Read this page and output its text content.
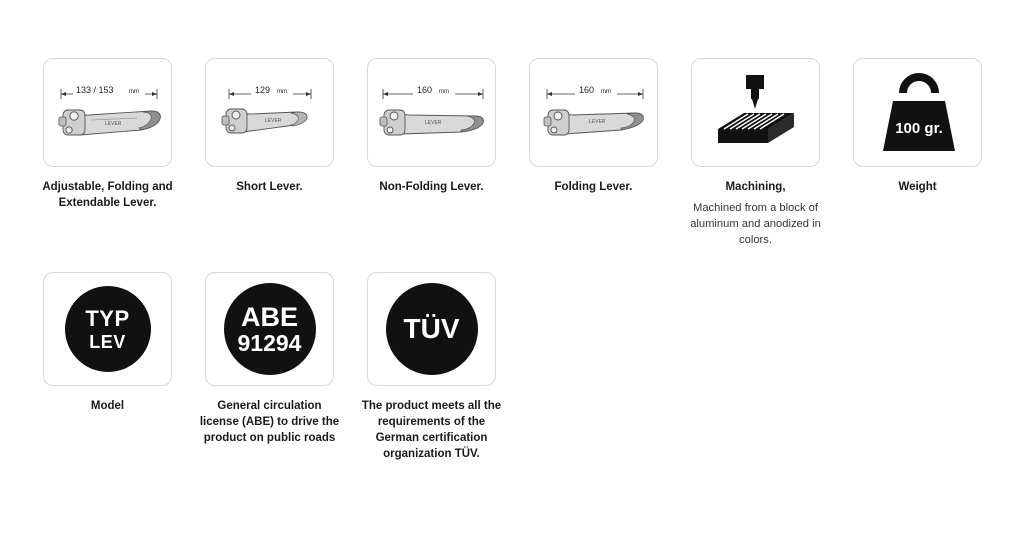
133 / 153	mm
LEVER
Adjustable, Folding and Extendable Lever.
129 mm
LEVER
Short Lever.
160 mm
LEVER
Non-Folding Lever.
160 mm
LEVER
Folding Lever.	Machining,
Machined from a block of aluminum and anodized in colors.
100 gr.
Weight
TYP
LEV
Model
ABE
91294
General circulation license (ABE) to drive the product on public roads
TÜV
The product meets all the requirements of the German certification organization TÜV.
